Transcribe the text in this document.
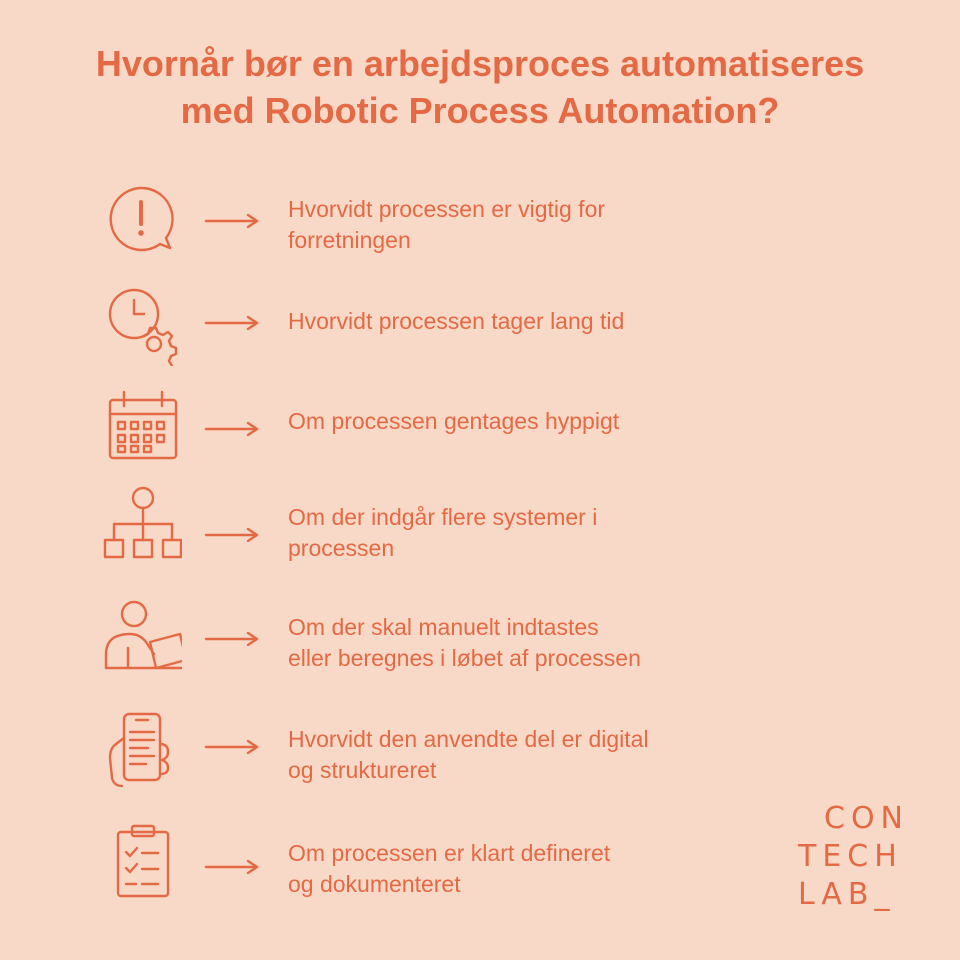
Hvornår bør en arbejdsproces automatiseres
med Robotic Process Automation?
Hvorvidt processen er vigtig for
forretningen
Hvorvidt processen tager lang tid
Om processen gentages hyppigt
Om der indgår flere systemer i
processen
Om der skal manuelt indtastes
eller beregnes i løbet af processen
Hvorvidt den anvendte del er digital
og struktureret
Om processen er klart defineret
og dokumenteret
CON
TECH
LAB_
